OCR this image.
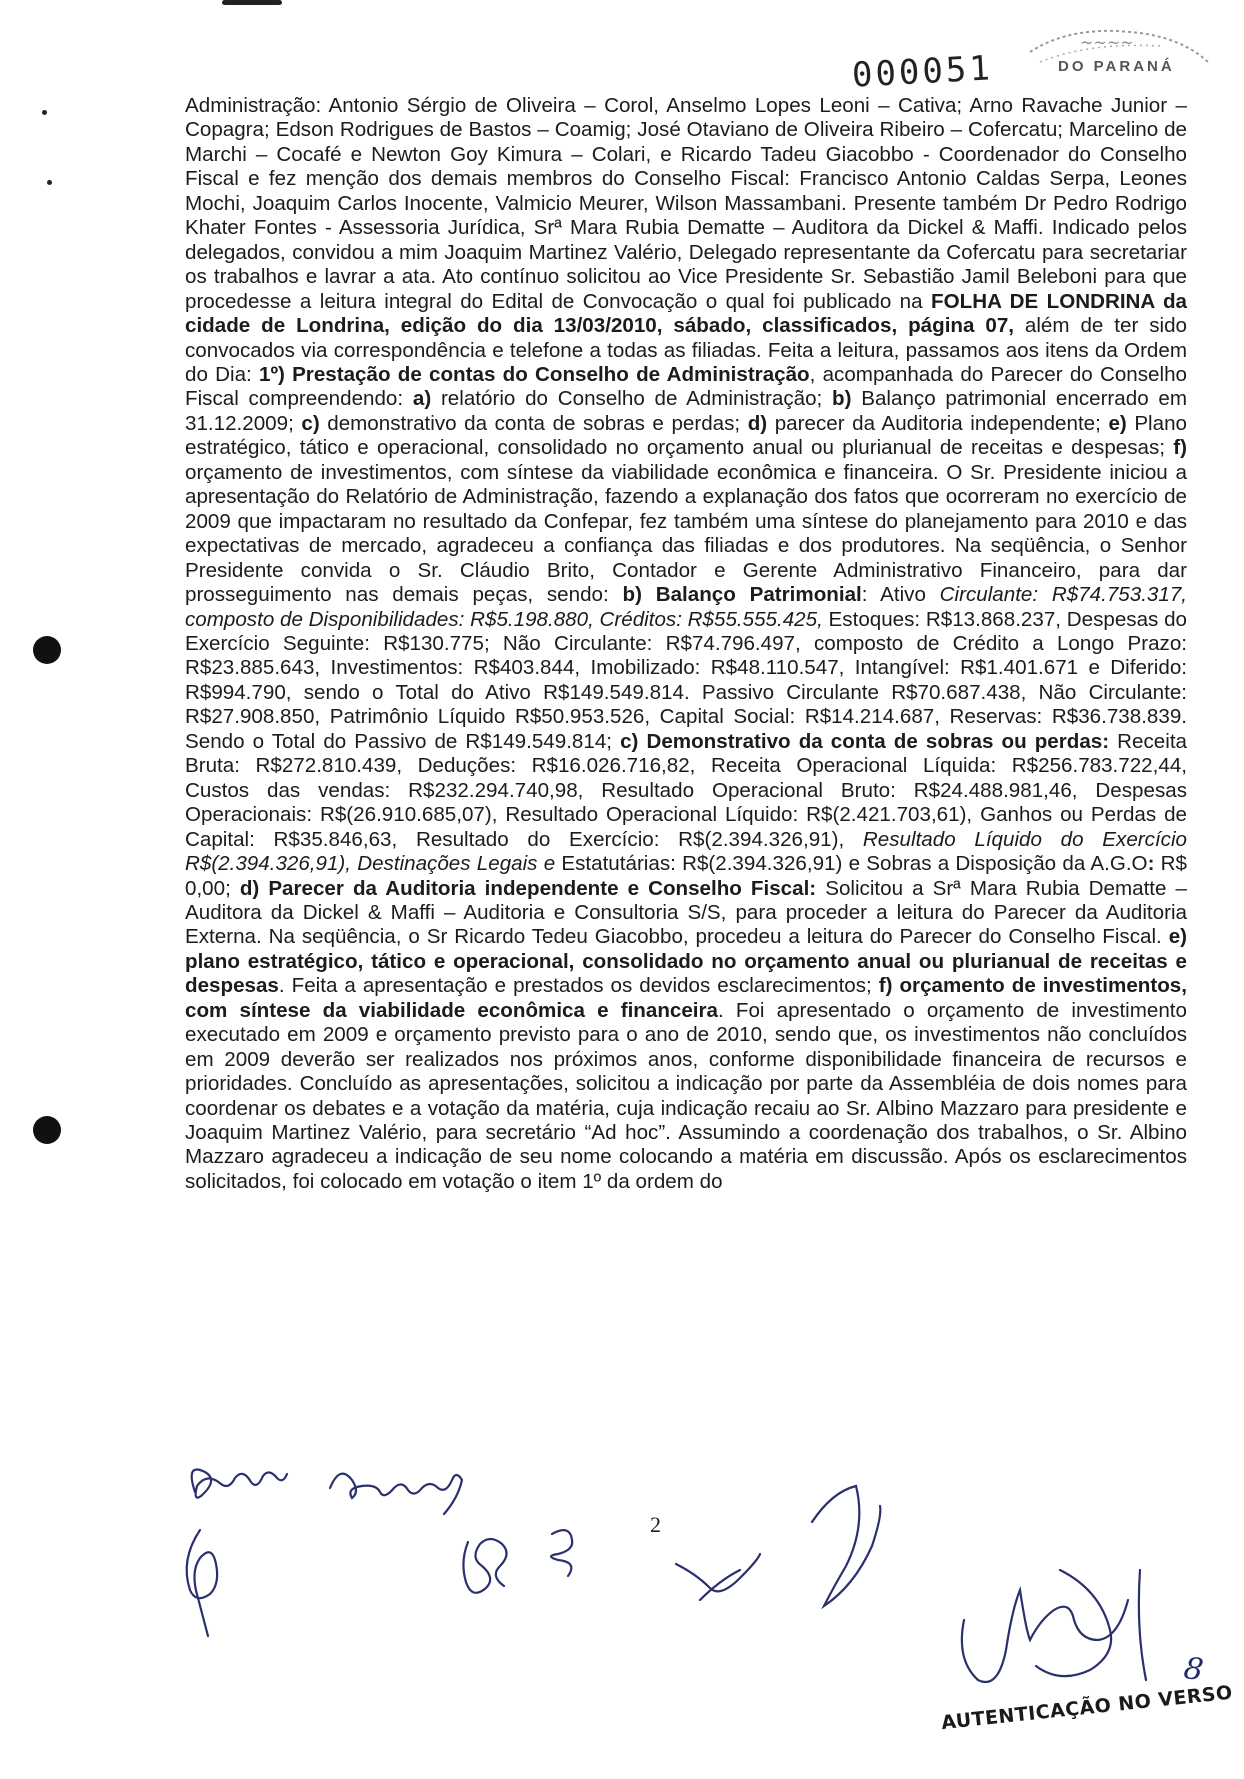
~~~~
DO PARANÁ
000051
Administração: Antonio Sérgio de Oliveira – Corol, Anselmo Lopes Leoni – Cativa; Arno Ravache Junior – Copagra; Edson Rodrigues de Bastos – Coamig; José Otaviano de Oliveira Ribeiro – Cofercatu; Marcelino de Marchi – Cocafé e Newton Goy Kimura – Colari, e Ricardo Tadeu Giacobbo - Coordenador do Conselho Fiscal e fez menção dos demais membros do Conselho Fiscal: Francisco Antonio Caldas Serpa, Leones Mochi, Joaquim Carlos Inocente, Valmicio Meurer, Wilson Massambani. Presente também Dr Pedro Rodrigo Khater Fontes - Assessoria Jurídica, Srª Mara Rubia Dematte – Auditora da Dickel & Maffi. Indicado pelos delegados, convidou a mim Joaquim Martinez Valério, Delegado representante da Cofercatu para secretariar os trabalhos e lavrar a ata. Ato contínuo solicitou ao Vice Presidente Sr. Sebastião Jamil Beleboni para que procedesse a leitura integral do Edital de Convocação o qual foi publicado na FOLHA DE LONDRINA da cidade de Londrina, edição do dia 13/03/2010, sábado, classificados, página 07, além de ter sido convocados via correspondência e telefone a todas as filiadas. Feita a leitura, passamos aos itens da Ordem do Dia: 1º) Prestação de contas do Conselho de Administração, acompanhada do Parecer do Conselho Fiscal compreendendo: a) relatório do Conselho de Administração; b) Balanço patrimonial encerrado em 31.12.2009; c) demonstrativo da conta de sobras e perdas; d) parecer da Auditoria independente; e) Plano estratégico, tático e operacional, consolidado no orçamento anual ou plurianual de receitas e despesas; f) orçamento de investimentos, com síntese da viabilidade econômica e financeira. O Sr. Presidente iniciou a apresentação do Relatório de Administração, fazendo a explanação dos fatos que ocorreram no exercício de 2009 que impactaram no resultado da Confepar, fez também uma síntese do planejamento para 2010 e das expectativas de mercado, agradeceu a confiança das filiadas e dos produtores. Na seqüência, o Senhor Presidente convida o Sr. Cláudio Brito, Contador e Gerente Administrativo Financeiro, para dar prosseguimento nas demais peças, sendo: b) Balanço Patrimonial: Ativo Circulante: R$74.753.317, composto de Disponibilidades: R$5.198.880, Créditos: R$55.555.425, Estoques: R$13.868.237, Despesas do Exercício Seguinte: R$130.775; Não Circulante: R$74.796.497, composto de Crédito a Longo Prazo: R$23.885.643, Investimentos: R$403.844, Imobilizado: R$48.110.547, Intangível: R$1.401.671 e Diferido: R$994.790, sendo o Total do Ativo R$149.549.814. Passivo Circulante R$70.687.438, Não Circulante: R$27.908.850, Patrimônio Líquido R$50.953.526, Capital Social: R$14.214.687, Reservas: R$36.738.839. Sendo o Total do Passivo de R$149.549.814; c) Demonstrativo da conta de sobras ou perdas: Receita Bruta: R$272.810.439, Deduções: R$16.026.716,82, Receita Operacional Líquida: R$256.783.722,44, Custos das vendas: R$232.294.740,98, Resultado Operacional Bruto: R$24.488.981,46, Despesas Operacionais: R$(26.910.685,07), Resultado Operacional Líquido: R$(2.421.703,61), Ganhos ou Perdas de Capital: R$35.846,63, Resultado do Exercício: R$(2.394.326,91), Resultado Líquido do Exercício R$(2.394.326,91), Destinações Legais e Estatutárias: R$(2.394.326,91) e Sobras a Disposição da A.G.O: R$ 0,00; d) Parecer da Auditoria independente e Conselho Fiscal: Solicitou a Srª Mara Rubia Dematte – Auditora da Dickel & Maffi – Auditoria e Consultoria S/S, para proceder a leitura do Parecer da Auditoria Externa. Na seqüência, o Sr Ricardo Tedeu Giacobbo, procedeu a leitura do Parecer do Conselho Fiscal. e) plano estratégico, tático e operacional, consolidado no orçamento anual ou plurianual de receitas e despesas. Feita a apresentação e prestados os devidos esclarecimentos; f) orçamento de investimentos, com síntese da viabilidade econômica e financeira. Foi apresentado o orçamento de investimento executado em 2009 e orçamento previsto para o ano de 2010, sendo que, os investimentos não concluídos em 2009 deverão ser realizados nos próximos anos, conforme disponibilidade financeira de recursos e prioridades. Concluído as apresentações, solicitou a indicação por parte da Assembléia de dois nomes para coordenar os debates e a votação da matéria, cuja indicação recaiu ao Sr. Albino Mazzaro para presidente e Joaquim Martinez Valério, para secretário “Ad hoc”. Assumindo a coordenação dos trabalhos, o Sr. Albino Mazzaro agradeceu a indicação de seu nome colocando a matéria em discussão. Após os esclarecimentos solicitados, foi colocado em votação o item 1º da ordem do
2
8
AUTENTICAÇÃO NO VERSO
